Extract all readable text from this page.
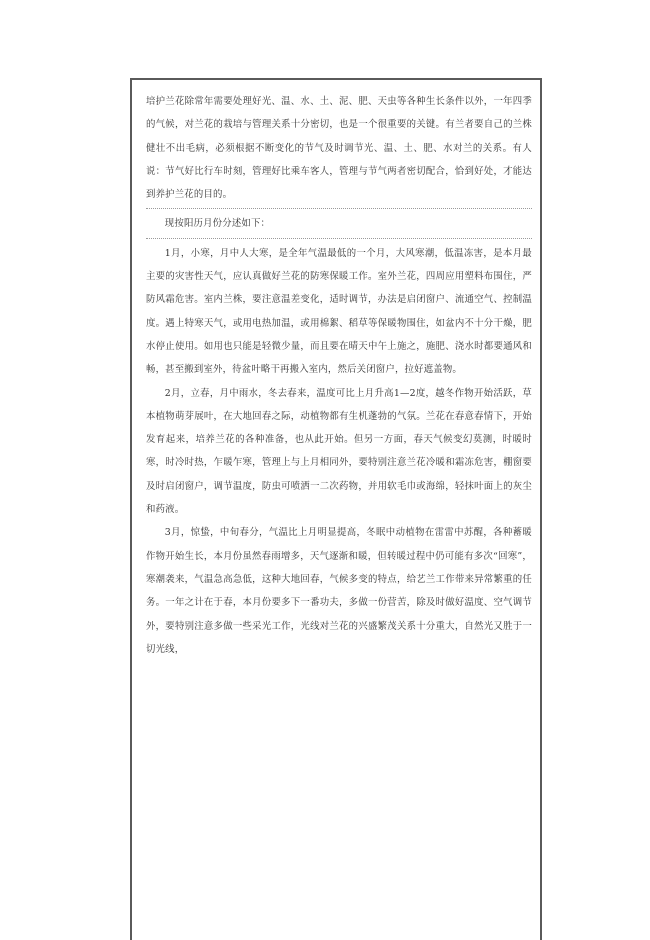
培护兰花除常年需要处理好光、温、水、土、泥、肥、天虫等各种生长条件以外，一年四季的气候，对兰花的栽培与管理关系十分密切，也是一个很重要的关键。有兰者要自己的兰株健壮不出毛病，必须根据不断变化的节气及时调节光、温、土、肥、水对兰的关系。有人说：节气好比行车时刻，管理好比乘车客人，管理与节气两者密切配合，恰到好处，才能达到养护兰花的目的。

现按阳历月份分述如下：

1月，小寒，月中人大寒，是全年气温最低的一个月，大风寒潮，低温冻害，是本月最主要的灾害性天气，应认真做好兰花的防寒保暖工作。室外兰花，四周应用塑料布围住，严防风霜危害。室内兰株，要注意温差变化，适时调节，办法是启闭窗户、流通空气、控制温度。遇上特寒天气，或用电热加温，或用棉絮、稻草等保暖物围住，如盆内不十分干燥，肥水停止使用。如用也只能是轻微少量，而且要在晴天中午上施之，施肥、浇水时都要通风和畅，甚至搬到室外，待盆叶略干再搬入室内，然后关闭窗户，拉好遮盖物。

2月，立春，月中雨水，冬去春来，温度可比上月升高1—2度，越冬作物开始活跃，草本植物萌芽展叶，在大地回春之际，动植物都有生机蓬勃的气氛。兰花在春意春情下，开始发育起来，培养兰花的各种准备，也从此开始。但另一方面，春天气候变幻莫测，时暖时寒，时冷时热，乍暖乍寒，管理上与上月相同外，要特别注意兰花冷暖和霜冻危害，棚窗要及时启闭窗户，调节温度，防虫可喷洒一二次药物，并用软毛巾或海绵，轻抹叶面上的灰尘和药液。

3月，惊蛰，中旬春分，气温比上月明显提高，冬眠中动植物在雷雷中苏醒，各种蓄暖作物开始生长，本月份虽然春雨增多，天气逐渐和暖，但转暖过程中仍可能有多次“回寒”，寒潮袭来，气温急高急低，这种大地回春，气候多变的特点，给艺兰工作带来异常繁重的任务。一年之计在于春，本月份要多下一番功夫，多做一份营苦，除及时做好温度、空气调节外，要特别注意多做一些采光工作，光线对兰花的兴盛繁茂关系十分重大，自然光又胜于一切光线，
